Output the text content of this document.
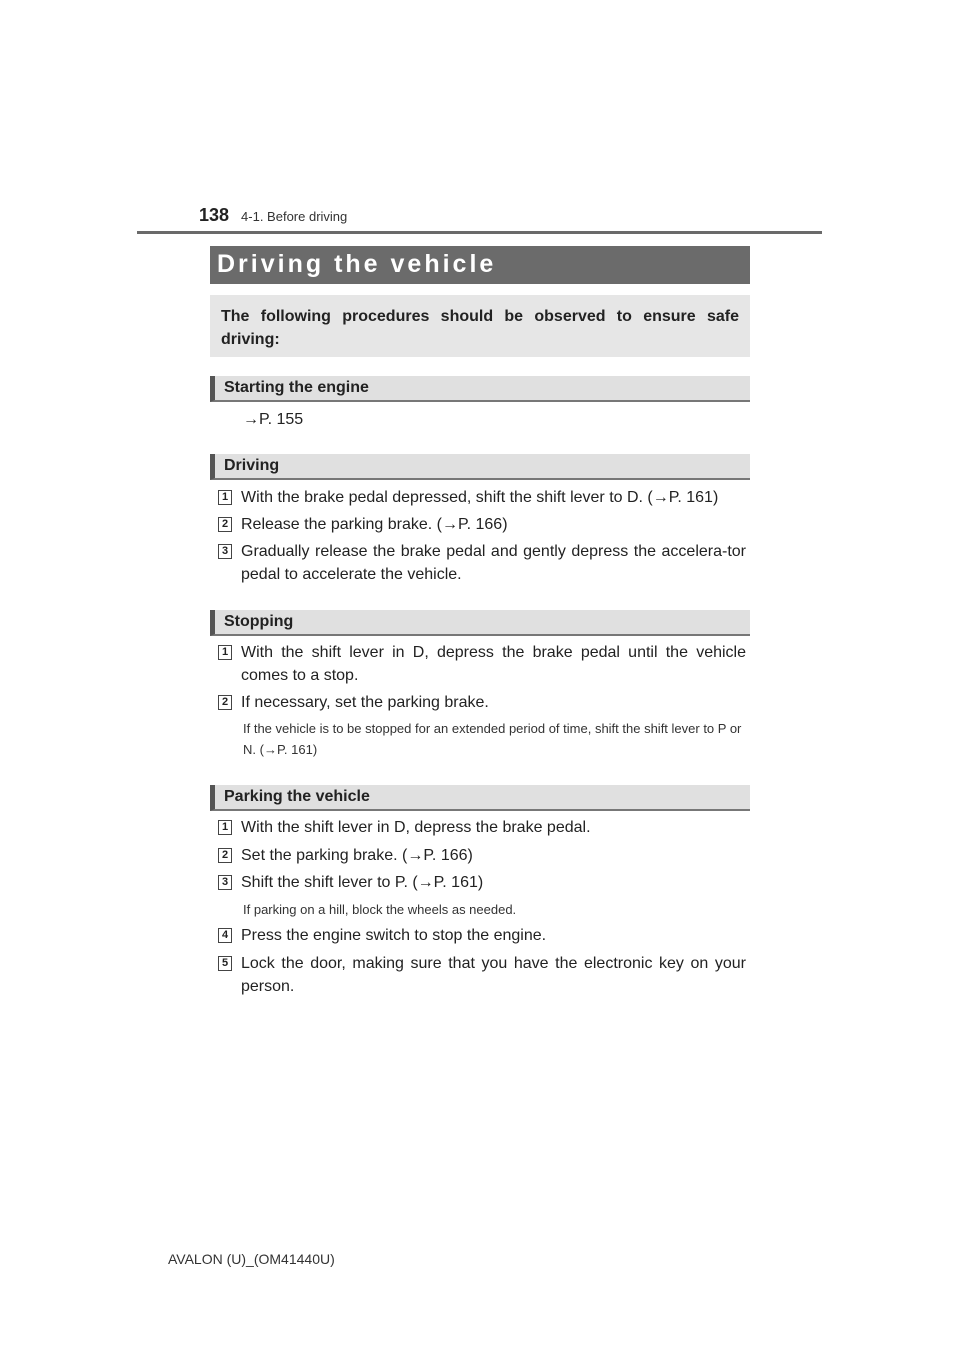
138 4-1. Before driving
Driving the vehicle
The following procedures should be observed to ensure safe driving:
Starting the engine
→P. 155
Driving
1 With the brake pedal depressed, shift the shift lever to D. (→P. 161)
2 Release the parking brake. (→P. 166)
3 Gradually release the brake pedal and gently depress the accelera-tor pedal to accelerate the vehicle.
Stopping
1 With the shift lever in D, depress the brake pedal until the vehicle comes to a stop.
2 If necessary, set the parking brake.
If the vehicle is to be stopped for an extended period of time, shift the shift lever to P or N. (→P. 161)
Parking the vehicle
1 With the shift lever in D, depress the brake pedal.
2 Set the parking brake. (→P. 166)
3 Shift the shift lever to P. (→P. 161)
If parking on a hill, block the wheels as needed.
4 Press the engine switch to stop the engine.
5 Lock the door, making sure that you have the electronic key on your person.
AVALON (U)_(OM41440U)
